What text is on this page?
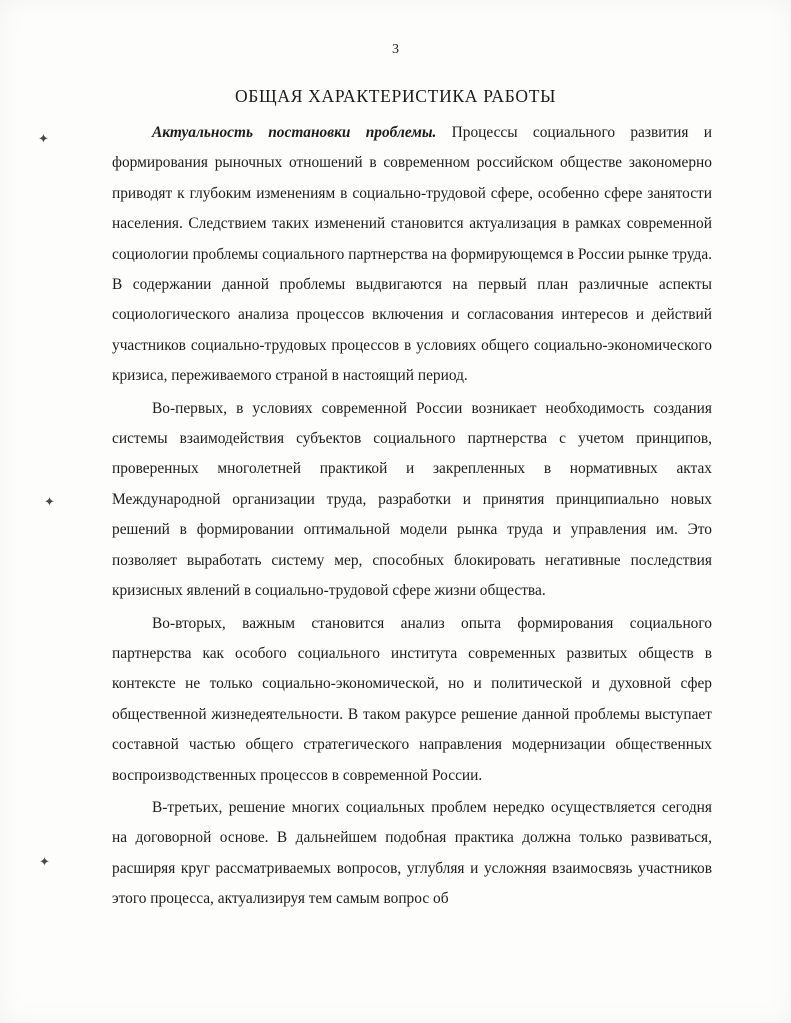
3
ОБЩАЯ ХАРАКТЕРИСТИКА РАБОТЫ

Актуальность постановки проблемы. Процессы социального развития и формирования рыночных отношений в современном российском обществе закономерно приводят к глубоким изменениям в социально-трудовой сфере, особенно сфере занятости населения. Следствием таких изменений становится актуализация в рамках современной социологии проблемы социального партнерства на формирующемся в России рынке труда. В содержании данной проблемы выдвигаются на первый план различные аспекты социологического анализа процессов включения и согласования интересов и действий участников социально-трудовых процессов в условиях общего социально-экономического кризиса, переживаемого страной в настоящий период.

Во-первых, в условиях современной России возникает необходимость создания системы взаимодействия субъектов социального партнерства с учетом принципов, проверенных многолетней практикой и закрепленных в нормативных актах Международной организации труда, разработки и принятия принципиально новых решений в формировании оптимальной модели рынка труда и управления им. Это позволяет выработать систему мер, способных блокировать негативные последствия кризисных явлений в социально-трудовой сфере жизни общества.

Во-вторых, важным становится анализ опыта формирования социального партнерства как особого социального института современных развитых обществ в контексте не только социально-экономической, но и политической и духовной сфер общественной жизнедеятельности. В таком ракурсе решение данной проблемы выступает составной частью общего стратегического направления модернизации общественных воспроизводственных процессов в современной России.

В-третьих, решение многих социальных проблем нередко осуществляется сегодня на договорной основе. В дальнейшем подобная практика должна только развиваться, расширяя круг рассматриваемых вопросов, углубляя и усложняя взаимосвязь участников этого процесса, актуализируя тем самым вопрос об

✦
✦
✦
